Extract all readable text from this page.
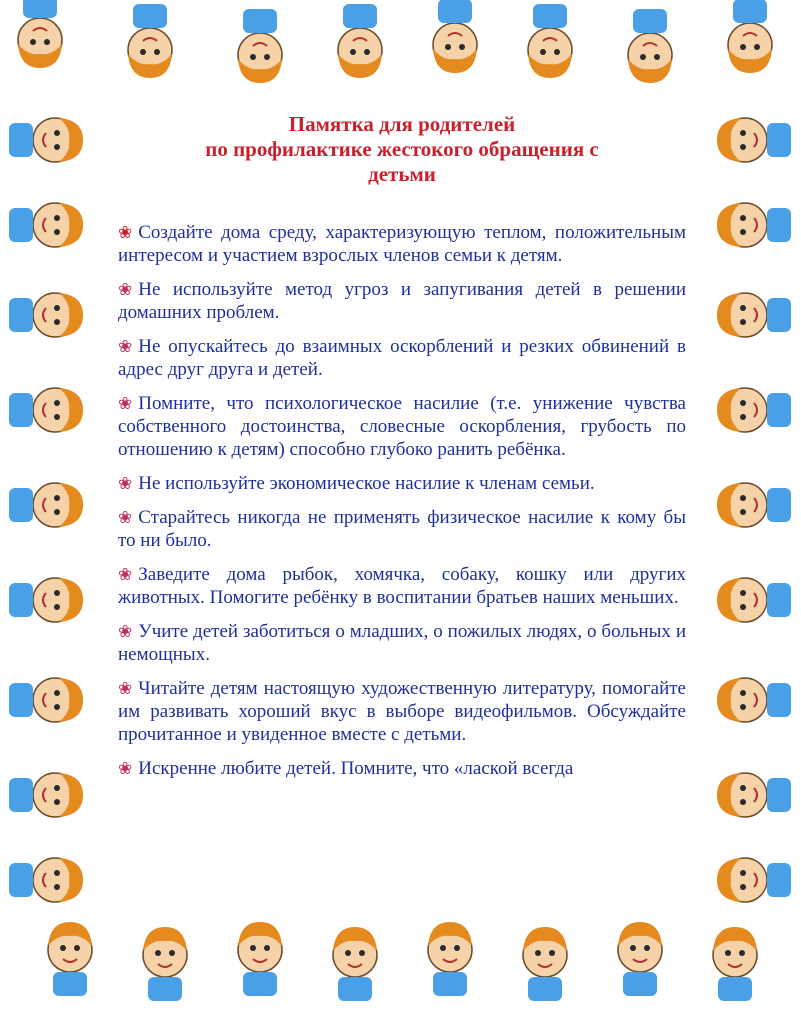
Памятка для родителей
по профилактике жестокого обращения с
детьми

❀ Создайте дома среду, характеризующую теплом, положительным интересом и участием взрослых членов семьи к детям.

❀ Не используйте метод угроз и запугивания детей в решении домашних проблем.

❀ Не опускайтесь до взаимных оскорблений и резких обвинений в адрес друг друга и детей.

❀ Помните, что психологическое насилие (т.е. унижение чувства собственного достоинства, словесные оскорбления, грубость по отношению к детям) способно глубоко ранить ребёнка.

❀ Не используйте экономическое насилие к членам семьи.

❀ Старайтесь никогда не применять физическое насилие к кому бы то ни было.

❀ Заведите дома рыбок, хомячка, собаку, кошку или других животных. Помогите ребёнку в воспитании братьев наших меньших.

❀ Учите детей заботиться о младших, о пожилых людях, о больных и немощных.

❀ Читайте детям настоящую художественную литературу, помогайте им развивать хороший вкус в выборе видеофильмов. Обсуждайте прочитанное и увиденное вместе с детьми.

❀ Искренне любите детей. Помните, что «лаской всегда
